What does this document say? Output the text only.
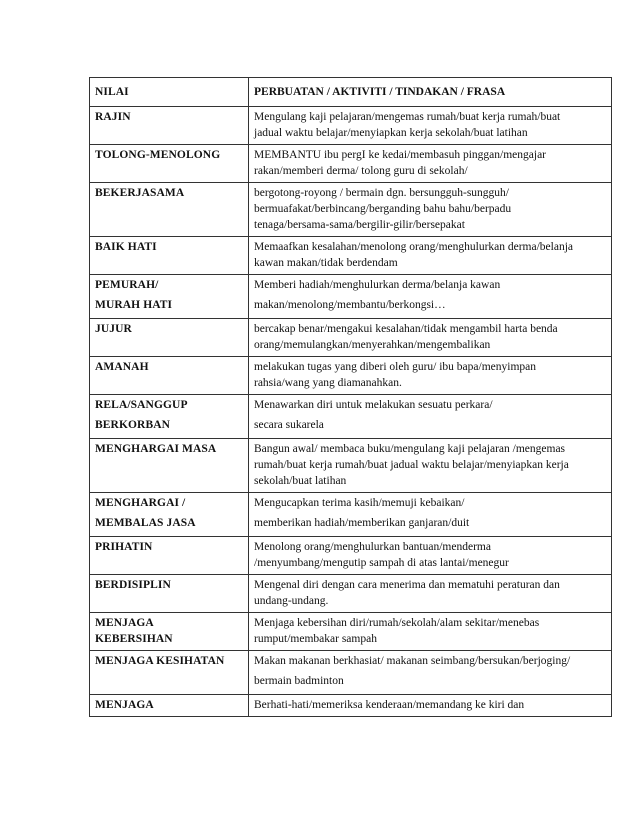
NILAI	PERBUATAN / AKTIVITI / TINDAKAN / FRASA

RAJIN	Mengulang kaji pelajaran/mengemas rumah/buat kerja rumah/buat
jadual waktu belajar/menyiapkan kerja sekolah/buat latihan

TOLONG-MENOLONG	MEMBANTU ibu pergI ke kedai/membasuh pinggan/mengajar
rakan/memberi derma/ tolong guru di sekolah/

BEKERJASAMA	bergotong-royong / bermain dgn. bersungguh-sungguh/
bermuafakat/berbincang/berganding bahu bahu/berpadu
tenaga/bersama-sama/bergilir-gilir/bersepakat

BAIK HATI	Memaafkan kesalahan/menolong orang/menghulurkan derma/belanja
kawan makan/tidak berdendam

PEMURAH/
MURAH HATI	Memberi hadiah/menghulurkan derma/belanja kawan
makan/menolong/membantu/berkongsi…

JUJUR	bercakap benar/mengakui kesalahan/tidak mengambil harta benda
orang/memulangkan/menyerahkan/mengembalikan

AMANAH	melakukan tugas yang diberi oleh guru/ ibu bapa/menyimpan
rahsia/wang yang diamanahkan.

RELA/SANGGUP
BERKORBAN	Menawarkan diri untuk melakukan sesuatu perkara/
secara sukarela

MENGHARGAI MASA	Bangun awal/ membaca buku/mengulang kaji pelajaran /mengemas
rumah/buat kerja rumah/buat jadual waktu belajar/menyiapkan kerja
sekolah/buat latihan

MENGHARGAI /
MEMBALAS JASA	Mengucapkan terima kasih/memuji kebaikan/
memberikan hadiah/memberikan ganjaran/duit

PRIHATIN	Menolong orang/menghulurkan bantuan/menderma
/menyumbang/mengutip sampah di atas lantai/menegur

BERDISIPLIN	Mengenal diri dengan cara menerima dan mematuhi peraturan dan
undang-undang.

MENJAGA
KEBERSIHAN	Menjaga kebersihan diri/rumah/sekolah/alam sekitar/menebas
rumput/membakar sampah

MENJAGA KESIHATAN	Makan makanan berkhasiat/ makanan seimbang/bersukan/berjoging/
bermain badminton

MENJAGA	Berhati-hati/memeriksa kenderaan/memandang ke kiri dan
